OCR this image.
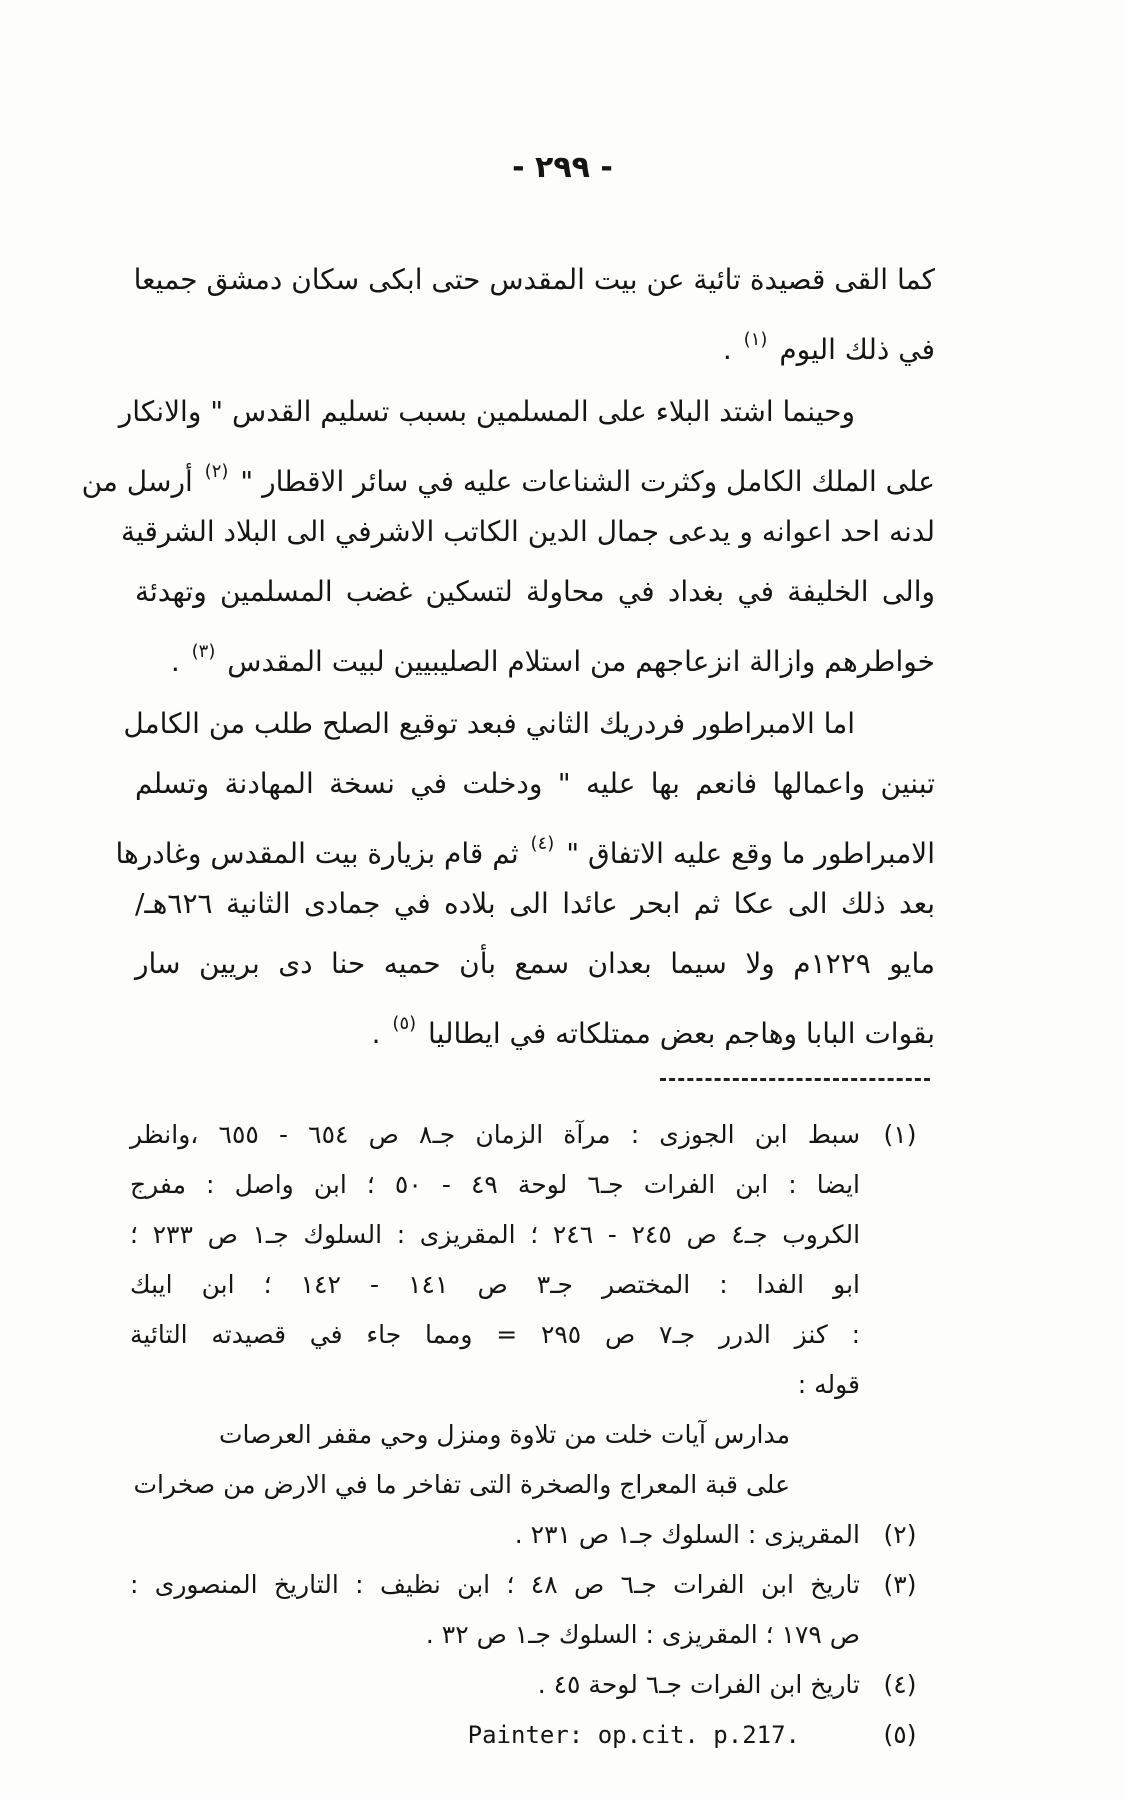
- ٢٩٩ -
كما القى قصيدة تائية عن بيت المقدس حتى ابكى سكان دمشق جميعا
في ذلك اليوم $^{(١)}$ .
وحينما اشتد البلاء على المسلمين بسبب تسليم القدس " والانكار
على الملك الكامل وكثرت الشناعات عليه في سائر الاقطار " $^{(٢)}$ أرسل من
لدنه احد اعوانه و يدعى جمال الدين الكاتب الاشرفي الى البلاد الشرقية
والى الخليفة في بغداد في محاولة لتسكين غضب المسلمين وتهدئة
خواطرهم وازالة انزعاجهم من استلام الصليبيين لبيت المقدس $^{(٣)}$ .
اما الامبراطور فردريك الثاني فبعد توقيع الصلح طلب من الكامل
تبنين واعمالها فانعم بها عليه " ودخلت في نسخة المهادنة وتسلم
الامبراطور ما وقع عليه الاتفاق " $^{(٤)}$ ثم قام بزيارة بيت المقدس وغادرها
بعد ذلك الى عكا ثم ابحر عائدا الى بلاده في جمادى الثانية ٦٢٦هـ/
مايو ١٢٢٩م ولا سيما بعدان سمع بأن حميه حنا دى بريين سار
بقوات البابا وهاجم بعض ممتلكاته في ايطاليا $^{(٥)}$ .
(١)
سبط ابن الجوزى : مرآة الزمان جـ٨ ص ٦٥٤ - ٦٥٥ ،وانظر
ايضا : ابن الفرات جـ٦ لوحة ٤٩ - ٥٠ ؛ ابن واصل : مفرج
الكروب جـ٤ ص ٢٤٥ - ٢٤٦ ؛ المقريزى : السلوك جـ١ ص ٢٣٣ ؛
ابو الفدا : المختصر جـ٣ ص ١٤١ - ١٤٢ ؛ ابن ايبك
: كنز الدرر جـ٧ ص ٢٩٥ = ومما جاء في قصيدته التائية
قوله :
مدارس آيات خلت من تلاوة ومنزل وحي مقفر العرصات
على قبة المعراج والصخرة التى تفاخر ما في الارض من صخرات
(٢)
المقريزى : السلوك جـ١ ص ٢٣١ .
(٣)
تاريخ ابن الفرات جـ٦ ص ٤٨ ؛ ابن نظيف : التاريخ المنصورى :
ص ١٧٩ ؛ المقريزى : السلوك جـ١ ص ٣٢ .
(٤)
تاريخ ابن الفرات جـ٦ لوحة ٤٥ .
(٥)
Painter: op.cit. p.217.
